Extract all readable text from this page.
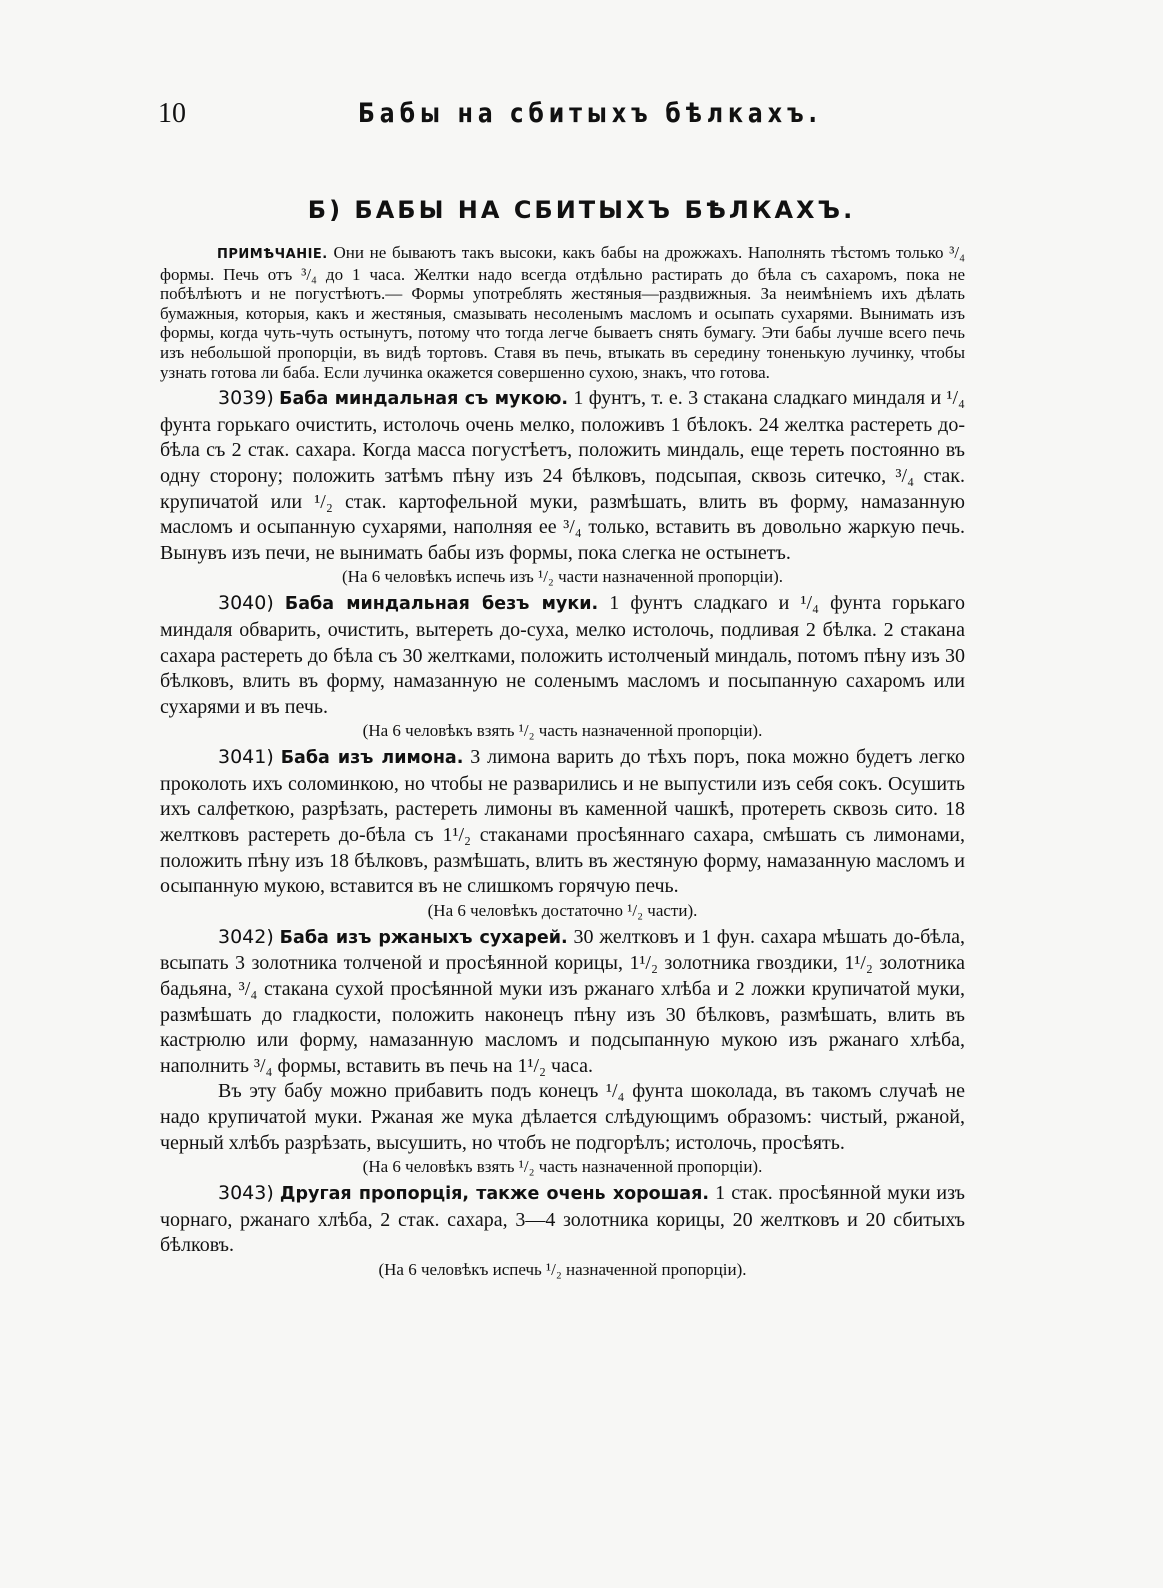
10	Бабы на сбитыхъ бѣлкахъ.
Б) БАБЫ НА СБИТЫХЪ БѢЛКАХЪ.

ПРИМѢЧАНІЕ. Они не бываютъ такъ высоки, какъ бабы на дрожжахъ. Наполнять тѣстомъ только ³/₄ формы. Печь отъ ³/₄ до 1 часа. Желтки надо всегда отдѣльно растирать до бѣла съ сахаромъ, пока не побѣлѣютъ и не погустѣютъ.— Формы употреблять жестяныя—раздвижныя. За неимѣніемъ ихъ дѣлать бумажныя, которыя, какъ и жестяныя, смазывать несоленымъ масломъ и осыпать сухарями. Вынимать изъ формы, когда чуть-чуть остынутъ, потому что тогда легче бываетъ снять бумагу. Эти бабы лучше всего печь изъ небольшой пропорціи, въ видѣ тортовъ. Ставя въ печь, втыкать въ середину тоненькую лучинку, чтобы узнать готова ли баба. Если лучинка окажется совершенно сухою, знакъ, что готова.

3039) Баба миндальная съ мукою. 1 фунтъ, т. е. 3 стакана сладкаго миндаля и ¹/₄ фунта горькаго очистить, истолочь очень мелко, положивъ 1 бѣлокъ. 24 желтка растереть до-бѣла съ 2 стак. сахара. Когда масса погустѣетъ, положить миндаль, еще тереть постоянно въ одну сторону; положить затѣмъ пѣну изъ 24 бѣлковъ, подсыпая, сквозь ситечко, ³/₄ стак. крупичатой или ¹/₂ стак. картофельной муки, размѣшать, влить въ форму, намазанную масломъ и осыпанную сухарями, наполняя ее ³/₄ только, вставить въ довольно жаркую печь. Вынувъ изъ печи, не вынимать бабы изъ формы, пока слегка не остынетъ.

(На 6 человѣкъ испечь изъ ¹/₂ части назначенной пропорціи).

3040) Баба миндальная безъ муки. 1 фунтъ сладкаго и ¹/₄ фунта горькаго миндаля обварить, очистить, вытереть до-суха, мелко истолочь, подливая 2 бѣлка. 2 стакана сахара растереть до бѣла съ 30 желтками, положить истолченый миндаль, потомъ пѣну изъ 30 бѣлковъ, влить въ форму, намазанную не соленымъ масломъ и посыпанную сахаромъ или сухарями и въ печь.

(На 6 человѣкъ взять ¹/₂ часть назначенной пропорціи).

3041) Баба изъ лимона. 3 лимона варить до тѣхъ поръ, пока можно будетъ легко проколоть ихъ соломинкою, но чтобы не разварились и не выпустили изъ себя сокъ. Осушить ихъ салфеткою, разрѣзать, растереть лимоны въ каменной чашкѣ, протереть сквозь сито. 18 желтковъ растереть до-бѣла съ 1¹/₂ стаканами просѣяннаго сахара, смѣшать съ лимонами, положить пѣну изъ 18 бѣлковъ, размѣшать, влить въ жестяную форму, намазанную масломъ и осыпанную мукою, вставится въ не слишкомъ горячую печь.

(На 6 человѣкъ достаточно ¹/₂ части).

3042) Баба изъ ржаныхъ сухарей. 30 желтковъ и 1 фун. сахара мѣшать до-бѣла, всыпать 3 золотника толченой и просѣянной корицы, 1¹/₂ золотника гвоздики, 1¹/₂ золотника бадьяна, ³/₄ стакана сухой просѣянной муки изъ ржанаго хлѣба и 2 ложки крупичатой муки, размѣшать до гладкости, положить наконецъ пѣну изъ 30 бѣлковъ, размѣшать, влить въ кастрюлю или форму, намазанную масломъ и подсыпанную мукою изъ ржанаго хлѣба, наполнить ³/₄ формы, вставить въ печь на 1¹/₂ часа.

Въ эту бабу можно прибавить подъ конецъ ¹/₄ фунта шоколада, въ такомъ случаѣ не надо крупичатой муки. Ржаная же мука дѣлается слѣдующимъ образомъ: чистый, ржаной, черный хлѣбъ разрѣзать, высушить, но чтобъ не подгорѣлъ; истолочь, просѣять.

(На 6 человѣкъ взять ¹/₂ часть назначенной пропорціи).

3043) Другая пропорція, также очень хорошая. 1 стак. просѣянной муки изъ чорнаго, ржанаго хлѣба, 2 стак. сахара, 3—4 золотника корицы, 20 желтковъ и 20 сбитыхъ бѣлковъ.

(На 6 человѣкъ испечь ¹/₂ назначенной пропорціи).
